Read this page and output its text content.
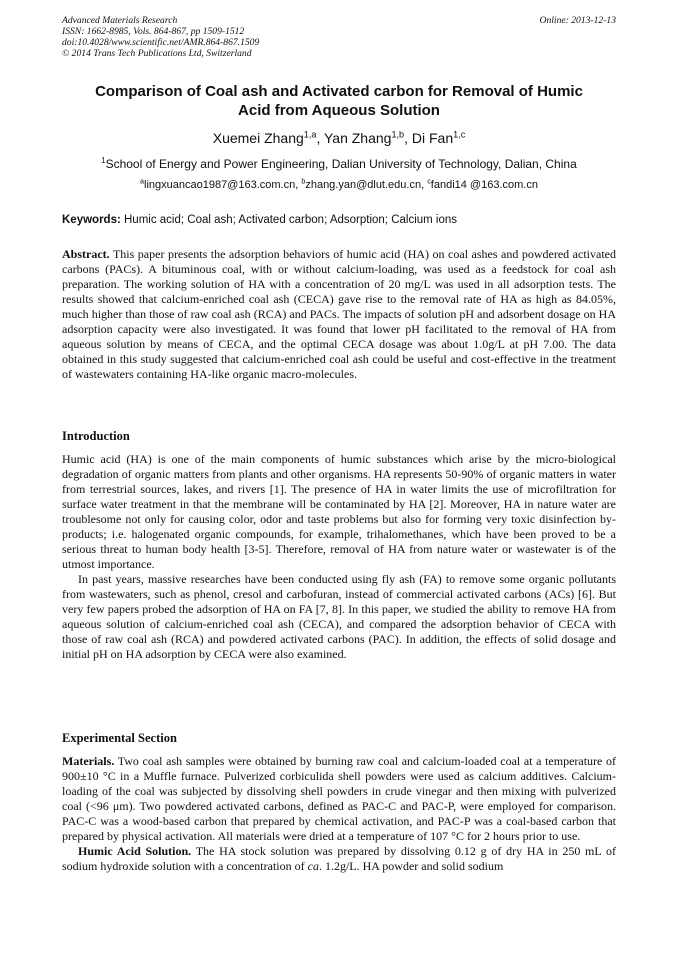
Advanced Materials Research
ISSN: 1662-8985, Vols. 864-867, pp 1509-1512
doi:10.4028/www.scientific.net/AMR.864-867.1509
© 2014 Trans Tech Publications Ltd, Switzerland
Online: 2013-12-13
Comparison of Coal ash and Activated carbon for Removal of Humic
Acid from Aqueous Solution
Xuemei Zhang$^{1,a}$, Yan Zhang$^{1,b}$, Di Fan$^{1,c}$
$^1$School of Energy and Power Engineering, Dalian University of Technology, Dalian, China
$^a$lingxuancao1987@163.com.cn, $^b$zhang.yan@dlut.edu.cn, $^c$fandi14 @163.com.cn
Keywords: Humic acid; Coal ash; Activated carbon; Adsorption; Calcium ions

Abstract. This paper presents the adsorption behaviors of humic acid (HA) on coal ashes and powdered activated carbons (PACs). A bituminous coal, with or without calcium-loading, was used as a feedstock for coal ash preparation. The working solution of HA with a concentration of 20 mg/L was used in all adsorption tests. The results showed that calcium-enriched coal ash (CECA) gave rise to the removal rate of HA as high as 84.05%, much higher than those of raw coal ash (RCA) and PACs. The impacts of solution pH and adsorbent dosage on HA adsorption capacity were also investigated. It was found that lower pH facilitated to the removal of HA from aqueous solution by means of CECA, and the optimal CECA dosage was about 1.0g/L at pH 7.00. The data obtained in this study suggested that calcium-enriched coal ash could be useful and cost-effective in the treatment of wastewaters containing HA-like organic macro-molecules.

Introduction

Humic acid (HA) is one of the main components of humic substances which arise by the micro-biological degradation of organic matters from plants and other organisms. HA represents 50-90% of organic matters in water from terrestrial sources, lakes, and rivers [1]. The presence of HA in water limits the use of microfiltration for surface water treatment in that the membrane will be contaminated by HA [2]. Moreover, HA in nature water are troublesome not only for causing color, odor and taste problems but also for forming very toxic disinfection by-products; i.e. halogenated organic compounds, for example, trihalomethanes, which have been proved to be a serious threat to human body health [3-5]. Therefore, removal of HA from nature water or wastewater is of the utmost importance.

In past years, massive researches have been conducted using fly ash (FA) to remove some organic pollutants from wastewaters, such as phenol, cresol and carbofuran, instead of commercial activated carbons (ACs) [6]. But very few papers probed the adsorption of HA on FA [7, 8]. In this paper, we studied the ability to remove HA from aqueous solution of calcium-enriched coal ash (CECA), and compared the adsorption behavior of CECA with those of raw coal ash (RCA) and powdered activated carbons (PAC). In addition, the effects of solid dosage and initial pH on HA adsorption by CECA were also examined.

Experimental Section

Materials. Two coal ash samples were obtained by burning raw coal and calcium-loaded coal at a temperature of 900±10 °C in a Muffle furnace. Pulverized corbiculida shell powders were used as calcium additives. Calcium-loading of the coal was subjected by dissolving shell powders in crude vinegar and then mixing with pulverized coal (<96 μm). Two powdered activated carbons, defined as PAC-C and PAC-P, were employed for comparison. PAC-C was a wood-based carbon that prepared by chemical activation, and PAC-P was a coal-based carbon that prepared by physical activation. All materials were dried at a temperature of 107 °C for 2 hours prior to use.

Humic Acid Solution. The HA stock solution was prepared by dissolving 0.12 g of dry HA in 250 mL of sodium hydroxide solution with a concentration of ca. 1.2g/L. HA powder and solid sodium
